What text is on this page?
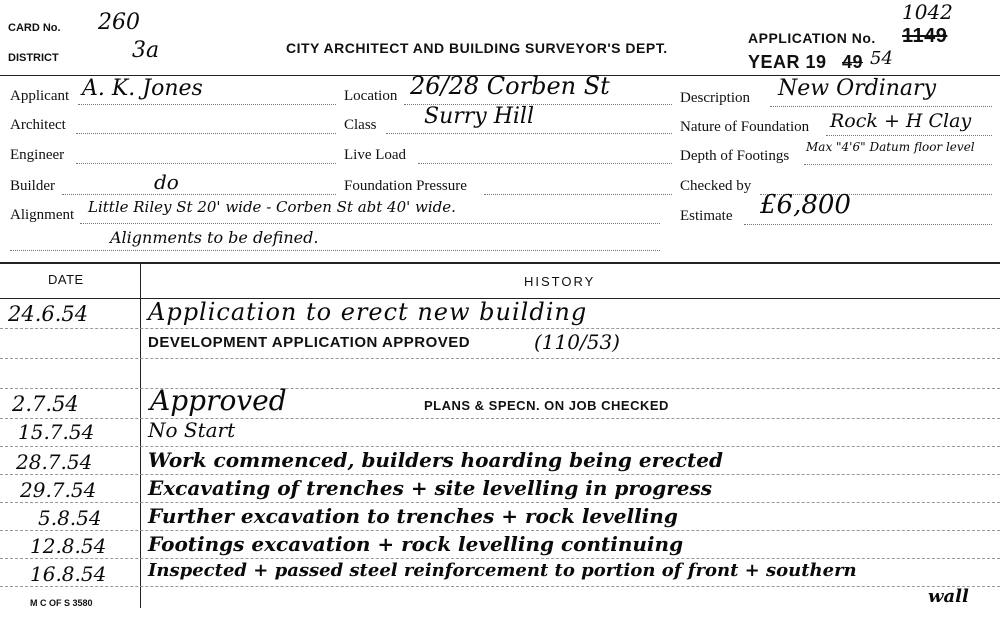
CARD No. 260
DISTRICT	3a	CITY ARCHITECT AND BUILDING SURVEYOR'S DEPT.
APPLICATION No.
1042
1149
YEAR 19 49 54
Applicant A. K. Jones
Architect
Engineer
Builder	do
Alignment Little Riley St 20' wide - Corben St abt 40' wide.
Alignments to be defined.
Location 26/28 Corben St
Class Surry Hill
Live Load
Foundation Pressure
Description New Ordinary
Nature of Foundation Rock + H Clay
Depth of Footings
Max "4'6" Datum floor level
Checked by
Estimate £6,800
DATE	HISTORY
24.6.54 Application to erect new building
DEVELOPMENT APPLICATION APPROVED	(110/53)
2.7.54	Approved	PLANS & SPECN. ON JOB CHECKED
15.7.54	No Start
28.7.54	Work commenced, builders hoarding being erected
29.7.54	Excavating of trenches + site levelling in progress
5.8.54 Further excavation to trenches + rock levelling
12.8.54 Footings excavation + rock levelling continuing
16.8.54 Inspected + passed steel reinforcement to portion of front + southern
wall
M C OF S 3580
